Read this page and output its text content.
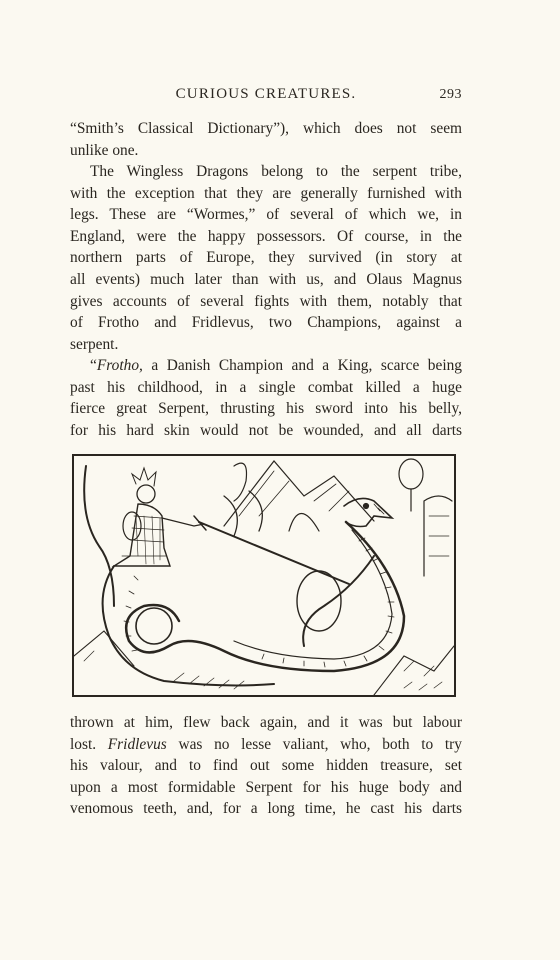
CURIOUS CREATURES.	293

“Smith’s Classical Dictionary”), which does not seem
unlike one.

The Wingless Dragons belong to the serpent tribe,
with the exception that they are generally furnished with
legs. These are “Wormes,” of several of which we, in
England, were the happy possessors. Of course, in the
northern parts of Europe, they survived (in story at
all events) much later than with us, and Olaus Magnus
gives accounts of several fights with them, notably that
of Frotho and Fridlevus, two Champions, against a
serpent.

“Frotho, a Danish Champion and a King, scarce being
past his childhood, in a single combat killed a huge
fierce great Serpent, thrusting his sword into his belly,
for his hard skin would not be wounded, and all darts

thrown at him, flew back again, and it was but labour
lost. Fridlevus was no lesse valiant, who, both to try
his valour, and to find out some hidden treasure, set
upon a most formidable Serpent for his huge body and
venomous teeth, and, for a long time, he cast his darts
